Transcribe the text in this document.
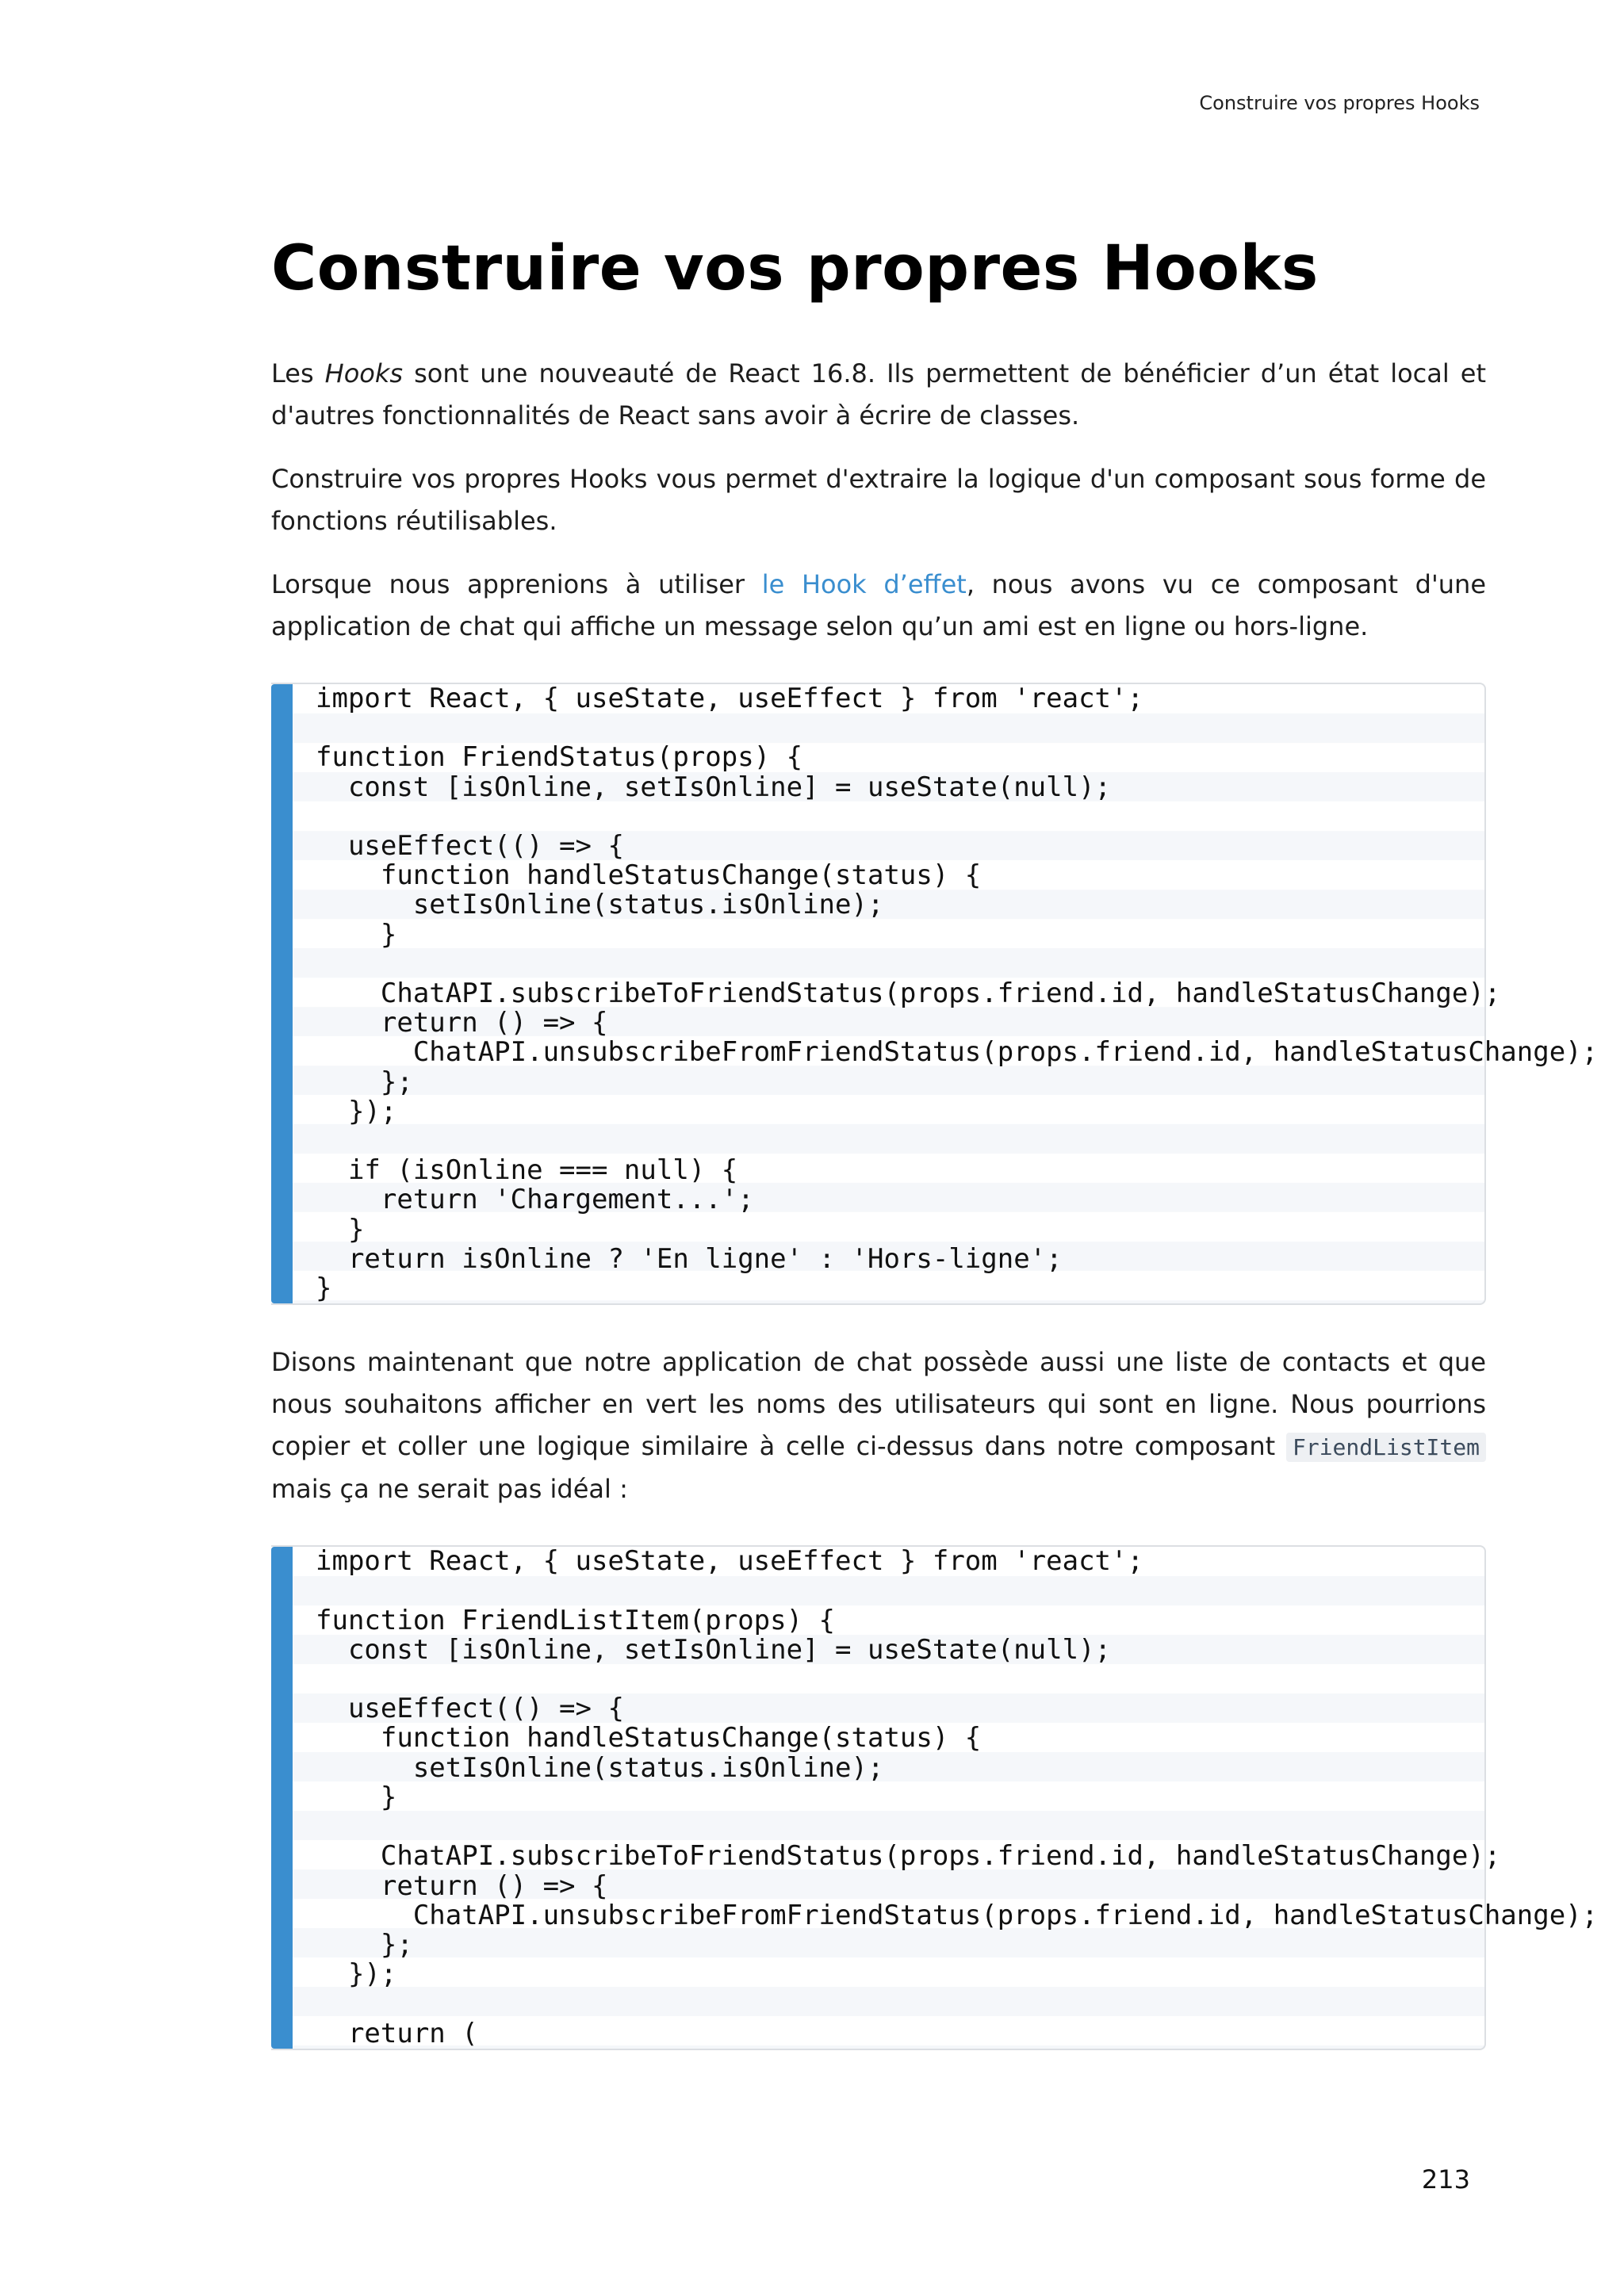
Construire vos propres Hooks
Construire vos propres Hooks

Les Hooks sont une nouveauté de React 16.8. Ils permettent de bénéficier d’un état local et d'autres fonctionnalités de React sans avoir à écrire de classes.

Construire vos propres Hooks vous permet d'extraire la logique d'un composant sous forme de fonctions réutilisables.

Lorsque nous apprenions à utiliser le Hook d’effet, nous avons vu ce composant d'une application de chat qui affiche un message selon qu’un ami est en ligne ou hors-ligne.

import React, { useState, useEffect } from 'react';

function FriendStatus(props) {
const [isOnline, setIsOnline] = useState(null);

useEffect(() => {
function handleStatusChange(status) {
setIsOnline(status.isOnline);
}

ChatAPI.subscribeToFriendStatus(props.friend.id, handleStatusChange);
return () => {
ChatAPI.unsubscribeFromFriendStatus(props.friend.id, handleStatusChange);
};
});

if (isOnline === null) {
return 'Chargement...';
}
return isOnline ? 'En ligne' : 'Hors-ligne';
}

Disons maintenant que notre application de chat possède aussi une liste de contacts et que nous souhaitons afficher en vert les noms des utilisateurs qui sont en ligne. Nous pourrions copier et coller une logique similaire à celle ci-dessus dans notre composant FriendListItem mais ça ne serait pas idéal :

import React, { useState, useEffect } from 'react';

function FriendListItem(props) {
const [isOnline, setIsOnline] = useState(null);

useEffect(() => {
function handleStatusChange(status) {
setIsOnline(status.isOnline);
}

ChatAPI.subscribeToFriendStatus(props.friend.id, handleStatusChange);
return () => {
ChatAPI.unsubscribeFromFriendStatus(props.friend.id, handleStatusChange);
};
});

return (
213
